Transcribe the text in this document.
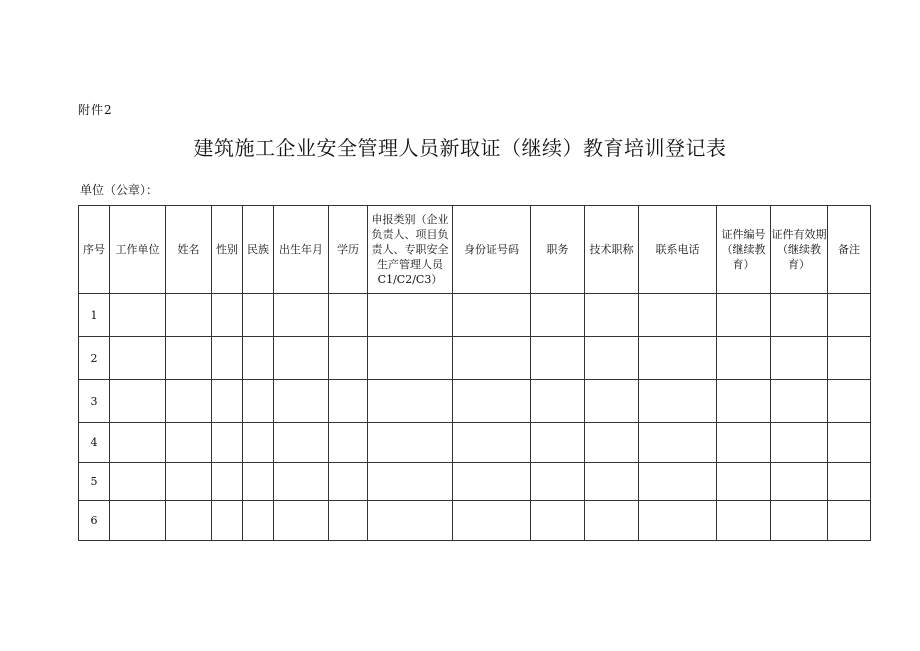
附件2
建筑施工企业安全管理人员新取证（继续）教育培训登记表
单位（公章）：
序号	工作单位	姓名	性别	民族	出生年月	学历	申报类别（企业负责人、项目负责人、专职安全生产管理人员C1/C2/C3）	身份证号码	职务	技术职称	联系电话	证件编号（继续教育）	证件有效期（继续教育）	备注
1														
2														
3														
4														
5														
6														
